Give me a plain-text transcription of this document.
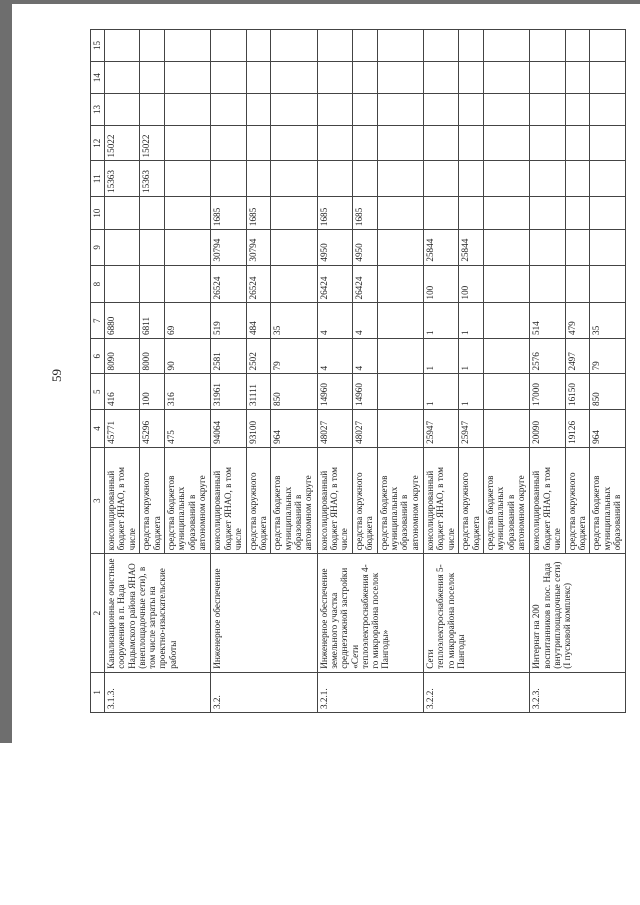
59
1	2	3	4	5	6	7	8	9	10	11	12	13	14	15
3.1.3.	Канализационные очистные сооружения в п. Нада Надымского района ЯНАО (внеплощадочные сети), в том числе затраты на проектно-изыскательские работы	консолидированный бюджет ЯНАО, в том числе	45771	416	8090	6880				15363	15022			
		средства окружного бюджета	45296	100	8000	6811				15363	15022			
		средства бюджетов муниципальных образований в автономном округе	475	316	90	69								
3.2.	Инженерное обеспечение	консолидированный бюджет ЯНАО, в том числе	94064	31961	2581	519	26524	30794	1685					
		средства окружного бюджета	93100	31111	2502	484	26524	30794	1685					
		средства бюджетов муниципальных образований в автономном округе	964	850	79	35								
3.2.1.	Инженерное обеспечение земельного участка среднеэтажной застройки «Сети теплоэлектроснабжения 4-го микрорайона поселок Пангоды»	консолидированный бюджет ЯНАО, в том числе	48027	14960	4	4	26424	4950	1685					
		средства окружного бюджета	48027	14960	4	4	26424	4950	1685					
		средства бюджетов муниципальных образований в автономном округе												
3.2.2.	Сети теплоэлектроснабжения 5-го микрорайона поселок Пангоды	консолидированный бюджет ЯНАО, в том числе	25947	1	1	1	100	25844						
		средства окружного бюджета	25947	1	1	1	100	25844						
		средства бюджетов муниципальных образований в автономном округе												
3.2.3.	Интернат на 200 воспитанников в пос. Нада (внутриплощадочные сети) (I пусковой комплекс)	консолидированный бюджет ЯНАО, в том числе	20090	17000	2576	514								
		средства окружного бюджета	19126	16150	2497	479								
		средства бюджетов муниципальных образований в	964	850	79	35								
